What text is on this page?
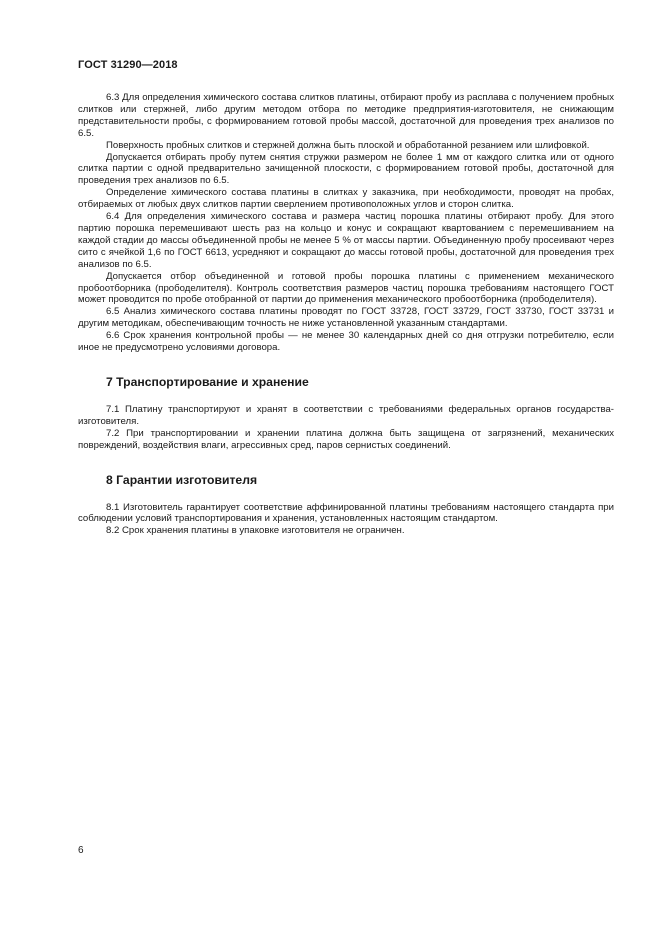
ГОСТ 31290—2018

6.3 Для определения химического состава слитков платины, отбирают пробу из расплава с получением пробных слитков или стержней, либо другим методом отбора по методике предприятия-изготовителя, не снижающим представительности пробы, с формированием готовой пробы массой, достаточной для проведения трех анализов по 6.5.

Поверхность пробных слитков и стержней должна быть плоской и обработанной резанием или шлифовкой.

Допускается отбирать пробу путем снятия стружки размером не более 1 мм от каждого слитка или от одного слитка партии с одной предварительно зачищенной плоскости, с формированием готовой пробы, достаточной для проведения трех анализов по 6.5.

Определение химического состава платины в слитках у заказчика, при необходимости, проводят на пробах, отбираемых от любых двух слитков партии сверлением противоположных углов и сторон слитка.

6.4 Для определения химического состава и размера частиц порошка платины отбирают пробу. Для этого партию порошка перемешивают шесть раз на кольцо и конус и сокращают квартованием с перемешиванием на каждой стадии до массы объединенной пробы не менее 5 % от массы партии. Объединенную пробу просеивают через сито с ячейкой 1,6 по ГОСТ 6613, усредняют и сокращают до массы готовой пробы, достаточной для проведения трех анализов по 6.5.

Допускается отбор объединенной и готовой пробы порошка платины с применением механического пробоотборника (прободелителя). Контроль соответствия размеров частиц порошка требованиям настоящего ГОСТ может проводится по пробе отобранной от партии до применения механического пробоотборника (прободелителя).

6.5 Анализ химического состава платины проводят по ГОСТ 33728, ГОСТ 33729, ГОСТ 33730, ГОСТ 33731 и другим методикам, обеспечивающим точность не ниже установленной указанным стандартами.

6.6 Срок хранения контрольной пробы — не менее 30 календарных дней со дня отгрузки потребителю, если иное не предусмотрено условиями договора.

7 Транспортирование и хранение

7.1 Платину транспортируют и хранят в соответствии с требованиями федеральных органов государства-изготовителя.

7.2 При транспортировании и хранении платина должна быть защищена от загрязнений, механических повреждений, воздействия влаги, агрессивных сред, паров сернистых соединений.

8 Гарантии изготовителя

8.1 Изготовитель гарантирует соответствие аффинированной платины требованиям настоящего стандарта при соблюдении условий транспортирования и хранения, установленных настоящим стандартом.

8.2 Срок хранения платины в упаковке изготовителя не ограничен.

6
